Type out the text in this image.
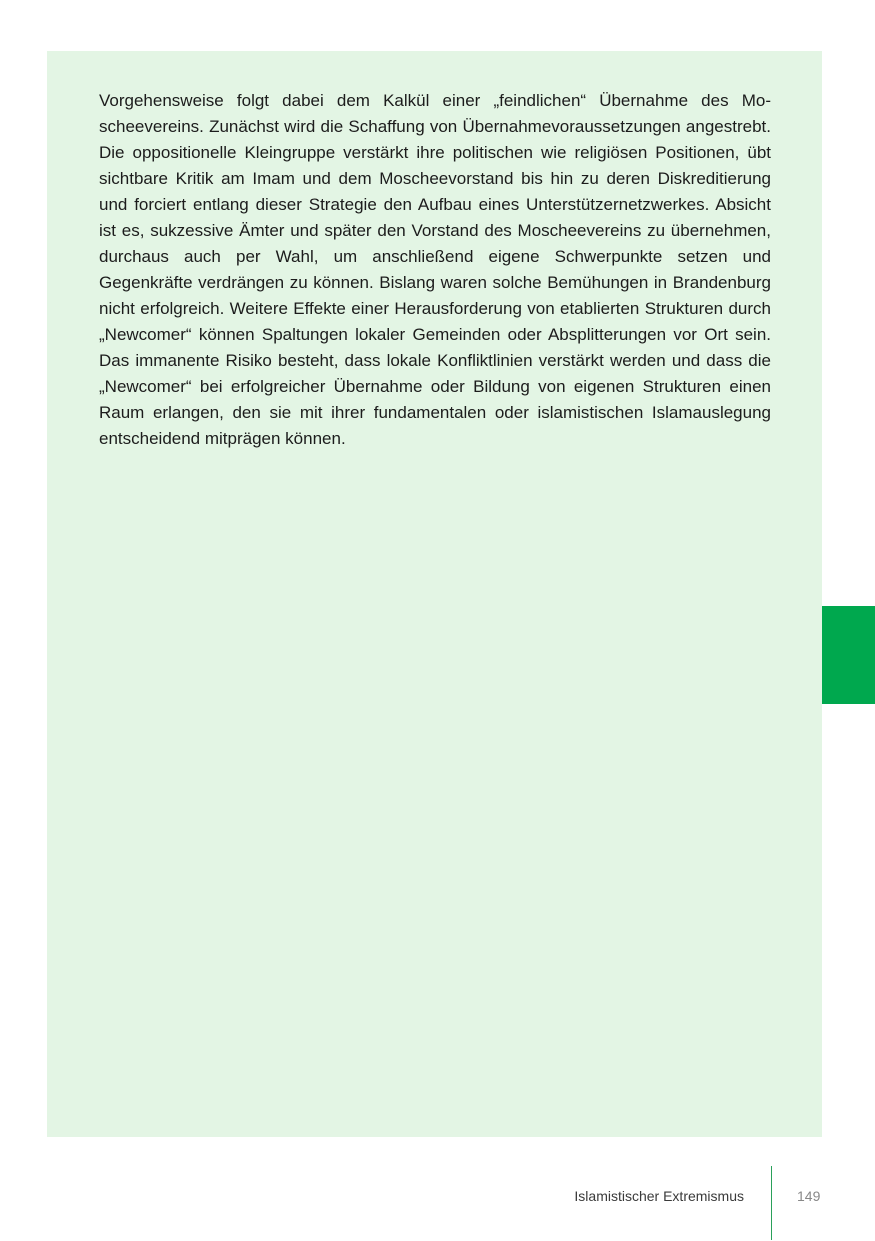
Vorgehensweise folgt dabei dem Kalkül einer „feindlichen“ Übernahme des Moscheevereins. Zunächst wird die Schaffung von Übernahmevoraussetzungen angestrebt. Die oppositionelle Kleingruppe verstärkt ihre politischen wie religiösen Positionen, übt sichtbare Kritik am Imam und dem Moscheevorstand bis hin zu deren Diskreditierung und forciert entlang dieser Strategie den Aufbau eines Unterstützernetzwerkes. Absicht ist es, sukzessive Ämter und später den Vorstand des Moscheevereins zu übernehmen, durchaus auch per Wahl, um anschließend eigene Schwerpunkte setzen und Gegenkräfte verdrängen zu können. Bislang waren solche Bemühungen in Brandenburg nicht erfolgreich. Weitere Effekte einer Herausforderung von etablierten Strukturen durch „Newcomer“ können Spaltungen lokaler Gemeinden oder Absplitterungen vor Ort sein. Das immanente Risiko besteht, dass lokale Konfliktlinien verstärkt werden und dass die „Newcomer“ bei erfolgreicher Übernahme oder Bildung von eigenen Strukturen einen Raum erlangen, den sie mit ihrer fundamentalen oder islamistischen Islamauslegung entscheidend mitprägen können.

Islamistischer Extremismus	149
